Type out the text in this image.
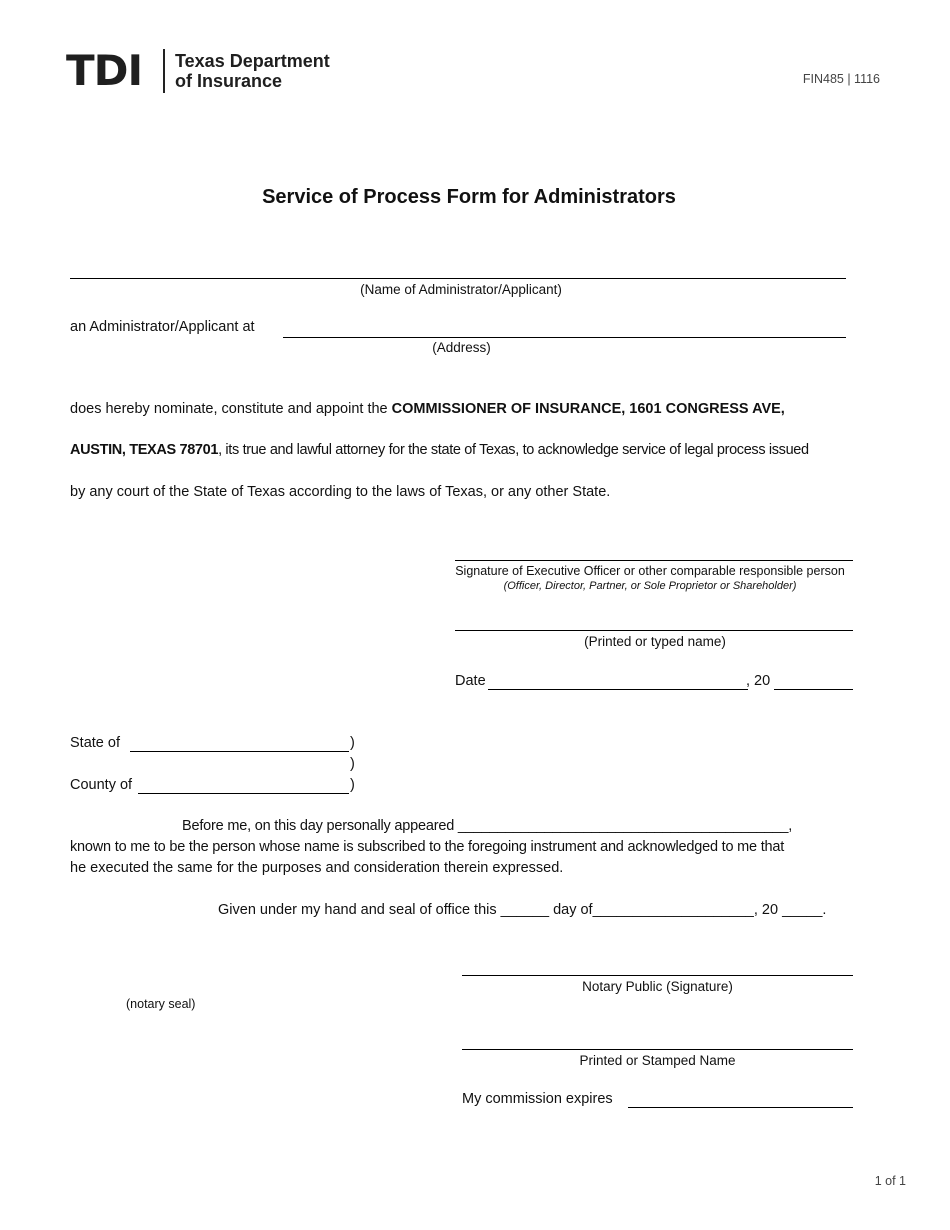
TDI Texas Department
of Insurance	FIN485 | 1116
Service of Process Form for Administrators
(Name of Administrator/Applicant)
an Administrator/Applicant at
(Address)
does hereby nominate, constitute and appoint the COMMISSIONER OF INSURANCE, 1601 CONGRESS AVE,
AUSTIN, TEXAS 78701, its true and lawful attorney for the state of Texas, to acknowledge service of legal process issued
by any court of the State of Texas according to the laws of Texas, or any other State.
Signature of Executive Officer or other comparable responsible person
(Officer, Director, Partner, or Sole Proprietor or Shareholder)
(Printed or typed name)
Date	, 20
State of	)
)
County of	)
Before me, on this day personally appeared __________________________________________,
known to me to be the person whose name is subscribed to the foregoing instrument and acknowledged to me that
he executed the same for the purposes and consideration therein expressed.
Given under my hand and seal of office this ______ day of____________________, 20 _____.
Notary Public (Signature)
(notary seal)
Printed or Stamped Name
My commission expires
1 of 1
